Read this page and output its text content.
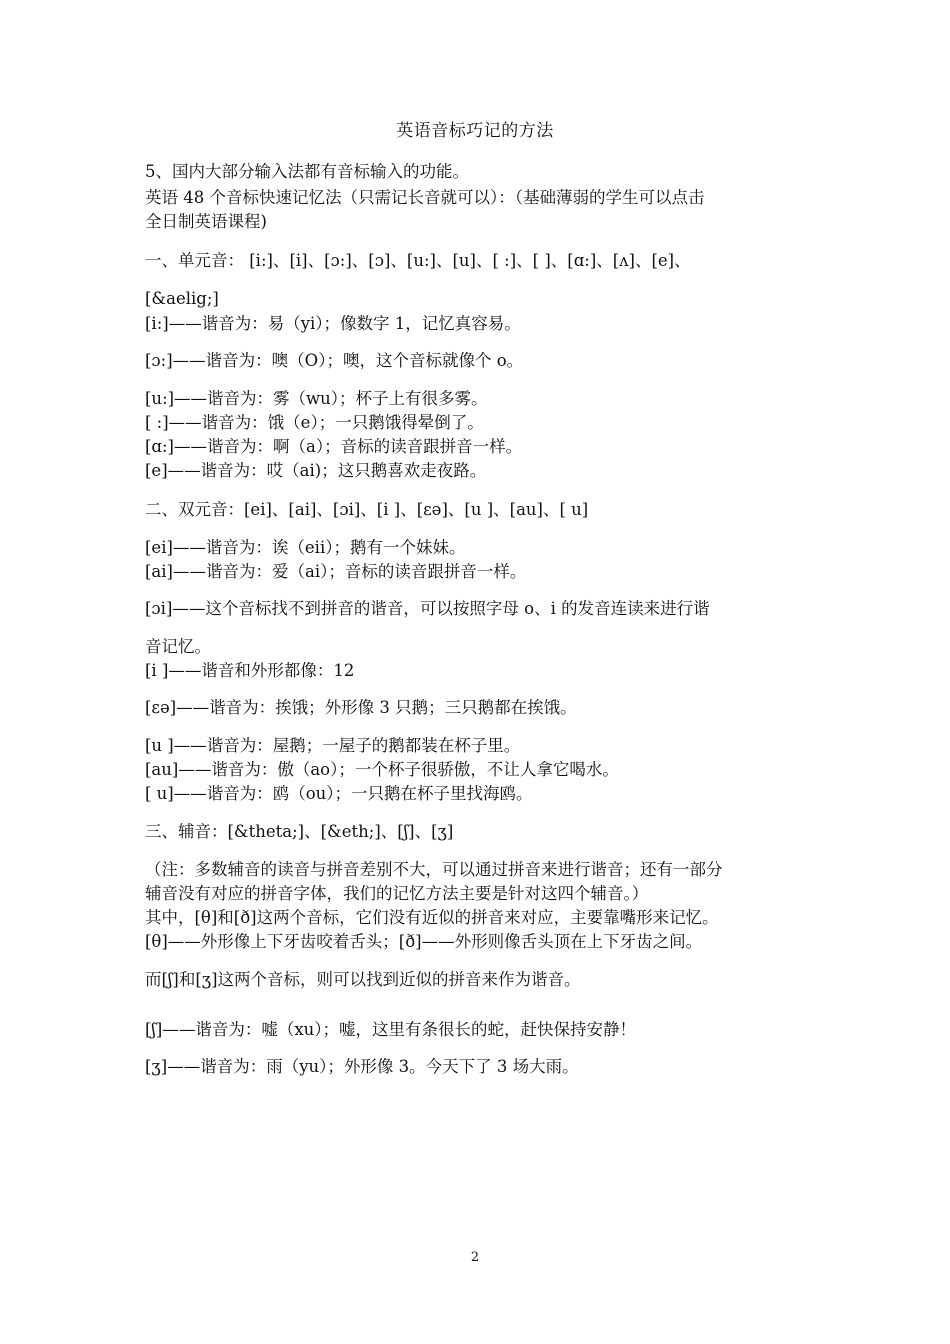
英语音标巧记的方法
5、国内大部分输入法都有音标输入的功能。
英语 48 个音标快速记忆法（只需记长音就可以）：（基础薄弱的学生可以点击
全日制英语课程)
一、单元音： [i:]、[i]、[ɔ:]、[ɔ]、[u:]、[u]、[ :]、[ ]、[ɑ:]、[ʌ]、[e]、
[&aelig;]
[i:]——谐音为：易（yi）；像数字 1，记忆真容易。
[ɔ:]——谐音为：噢（O）；噢，这个音标就像个 o。
[u:]——谐音为：雾（wu）；杯子上有很多雾。
[ :]——谐音为：饿（e）；一只鹅饿得晕倒了。
[ɑ:]——谐音为：啊（a）；音标的读音跟拼音一样。
[e]——谐音为：哎（ai)；这只鹅喜欢走夜路。
二、双元音：[ei]、[ai]、[ɔi]、[i ]、[εə]、[u ]、[au]、[ u]
[ei]——谐音为：诶（eii）；鹅有一个妹妹。
[ai]——谐音为：爱（ai）；音标的读音跟拼音一样。
[ɔi]——这个音标找不到拼音的谐音，可以按照字母 o、i 的发音连读来进行谐
音记忆。
[i ]——谐音和外形都像：12
[εə]——谐音为：挨饿；外形像 3 只鹅；三只鹅都在挨饿。
[u ]——谐音为：屋鹅；一屋子的鹅都装在杯子里。
[au]——谐音为：傲（ao）；一个杯子很骄傲，不让人拿它喝水。
[ u]——谐音为：鸥（ou）；一只鹅在杯子里找海鸥。
三、辅音：[&theta;]、[&eth;]、[ʃ]、[ʒ]
（注：多数辅音的读音与拼音差别不大，可以通过拼音来进行谐音；还有一部分
辅音没有对应的拼音字体，我们的记忆方法主要是针对这四个辅音。）
其中，[θ]和[ð]这两个音标，它们没有近似的拼音来对应，主要靠嘴形来记忆。
[θ]——外形像上下牙齿咬着舌头；[ð]——外形则像舌头顶在上下牙齿之间。
而[ʃ]和[ʒ]这两个音标，则可以找到近似的拼音来作为谐音。
[ʃ]——谐音为：嘘（xu）；嘘，这里有条很长的蛇，赶快保持安静！
[ʒ]——谐音为：雨（yu）；外形像 3。今天下了 3 场大雨。
2
